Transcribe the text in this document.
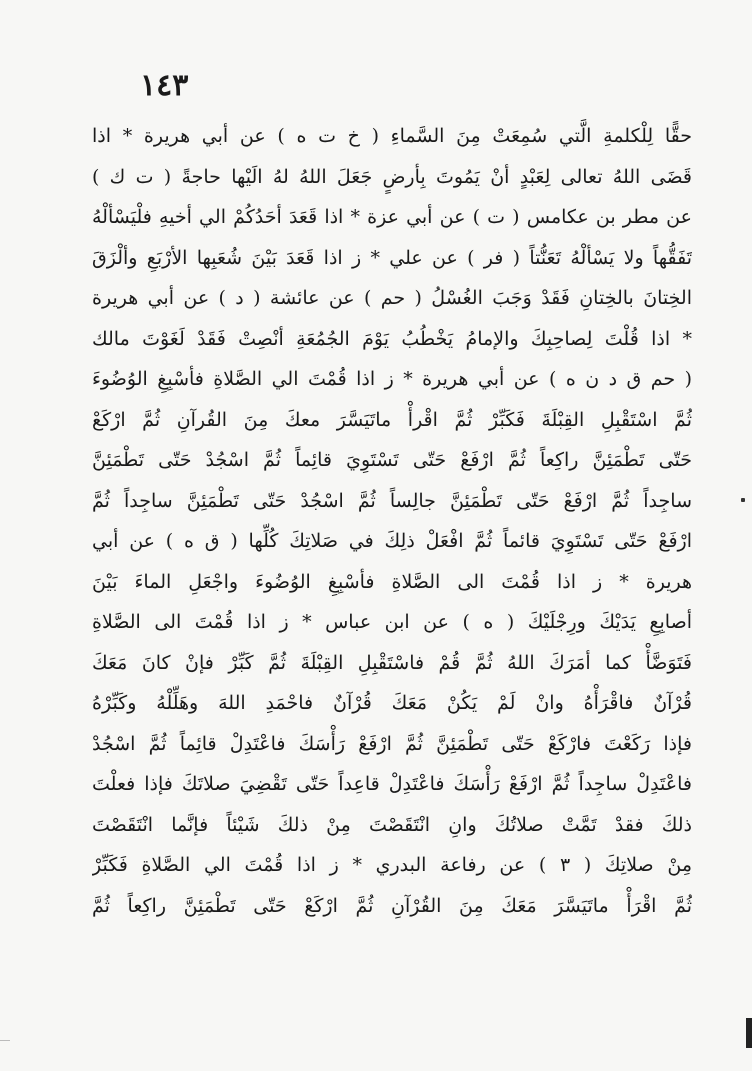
١٤٣
حقًّا لِلْكلمةِ الَّتي سُمِعَتْ مِنَ السَّماءِ ( خ ت ه ) عن أبي هريرة * اذا
قَضَى اللهُ تعالى لِعَبْدٍ أنْ يَمُوتَ بِأرضٍ جَعَلَ اللهُ لهُ الَيْها حاجةً ( ت ك )
عن مطر بن عكامس ( ت ) عن أبي عزة * اذا قَعَدَ أحَدُكُمْ الي أخيهِ فلْيَسْألْهُ
تَفَقُّهاً ولا يَسْألْهُ تَعَنُّتاً ( فر ) عن علي * ز اذا قَعَدَ بَيْنَ شُعَبِها الأرْبَعِ وألْزَقَ
الخِتانَ بالخِتانِ فَقَدْ وَجَبَ الغُسْلُ ( حم ) عن عائشة ( د ) عن أبي هريرة
* اذا قُلْتَ لِصاحِبِكَ والإمامُ يَخْطُبُ يَوْمَ الجُمُعَةِ أنْصِتْ فَقَدْ لَغَوْتَ مالك
( حم ق د ن ه ) عن أبي هريرة * ز اذا قُمْتَ الي الصَّلاةِ فأسْبِغِ الوُضُوءَ
ثُمَّ اسْتَقْبِلِ القِبْلَةَ فَكَبِّرْ ثُمَّ اقْرأْ ماتَيَسَّرَ معكَ مِنَ القُرآنِ ثُمَّ ارْكَعْ
حَتّى تَطْمَئِنَّ راكِعاً ثُمَّ ارْفَعْ حَتّى تَسْتَوِيَ قائِماً ثُمَّ اسْجُدْ حَتّى تَطْمَئِنَّ
ساجِداً ثُمَّ ارْفَعْ حَتّى تَطْمَئِنَّ جالِساً ثُمَّ اسْجُدْ حَتّى تَطْمَئِنَّ ساجِداً ثُمَّ
ارْفَعْ حَتّى تَسْتَوِيَ قائماً ثُمَّ افْعَلْ ذلِكَ في صَلاتِكَ كُلِّها ( ق ه ) عن أبي
هريرة * ز اذا قُمْتَ الى الصَّلاةِ فأسْبِغِ الوُضُوءَ واجْعَلِ الماءَ بَيْنَ
أصابِعِ يَدَيْكَ ورِجْلَيْكَ ( ه ) عن ابن عباس * ز اذا قُمْتَ الى الصَّلاةِ
فَتَوَضَّأْ كما أمَرَكَ اللهُ ثُمَّ قُمْ فاسْتَقْبِلِ القِبْلَةَ ثُمَّ كَبِّرْ فإنْ كانَ مَعَكَ
قُرْآنٌ فاقْرَأْهُ وانْ لَمْ يَكُنْ مَعَكَ قُرْآنٌ فاحْمَدِ اللهَ وهَلِّلْهُ وكَبِّرْهُ
فإذا رَكَعْتَ فارْكَعْ حَتّى تَطْمَئِنَّ ثُمَّ ارْفَعْ رَأْسَكَ فاعْتَدِلْ قائِماً ثُمَّ اسْجُدْ
فاعْتَدِلْ ساجِداً ثُمَّ ارْفَعْ رَأْسَكَ فاعْتَدِلْ قاعِداً حَتّى تَقْضِيَ صلاتَكَ فإذا فعلْتَ
ذلكَ فقدْ تَمَّتْ صلاتُكَ وانِ انْتَقَصْتَ مِنْ ذلكَ شَيْئاً فإنَّما انْتَقَصْتَ
مِنْ صلاتِكَ ( ٣ ) عن رفاعة البدري * ز اذا قُمْتَ الي الصَّلاةِ فَكَبِّرْ
ثُمَّ اقْرَأْ ماتَيَسَّرَ مَعَكَ مِنَ القُرْآنِ ثُمَّ ارْكَعْ حَتّى تَطْمَئِنَّ راكِعاً ثُمَّ
